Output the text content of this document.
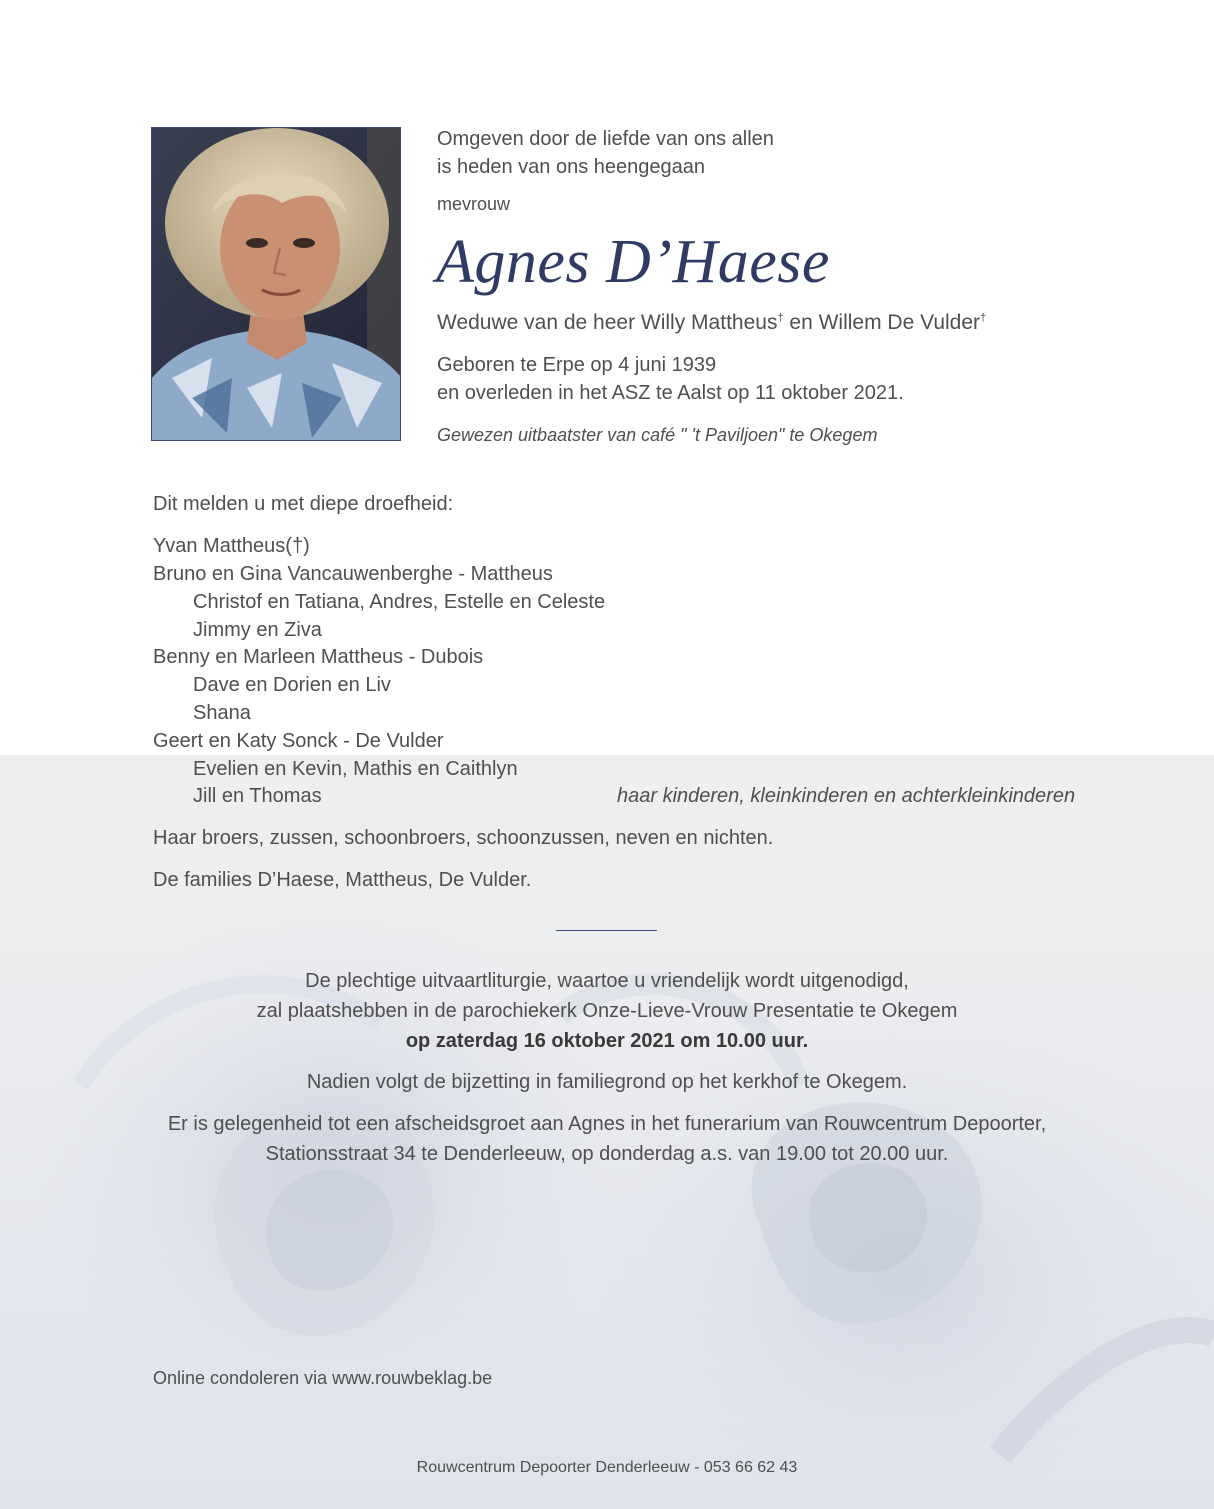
Omgeven door de liefde van ons allen
is heden van ons heengegaan
mevrouw
Agnes D’Haese
Weduwe van de heer Willy Mattheus† en Willem De Vulder†
Geboren te Erpe op 4 juni 1939
en overleden in het ASZ te Aalst op 11 oktober 2021.
Gewezen uitbaatster van café " 't Paviljoen" te Okegem
Dit melden u met diepe droefheid:
Yvan Mattheus(†)
Bruno en Gina Vancauwenberghe - Mattheus
Christof en Tatiana, Andres, Estelle en Celeste
Jimmy en Ziva
Benny en Marleen Mattheus - Dubois
Dave en Dorien en Liv
Shana
Geert en Katy Sonck - De Vulder
Evelien en Kevin, Mathis en Caithlyn
Jill en Thomas	haar kinderen, kleinkinderen en achterkleinkinderen
Haar broers, zussen, schoonbroers, schoonzussen, neven en nichten.
De families D’Haese, Mattheus, De Vulder.
De plechtige uitvaartliturgie, waartoe u vriendelijk wordt uitgenodigd,
zal plaatshebben in de parochiekerk Onze-Lieve-Vrouw Presentatie te Okegem
op zaterdag 16 oktober 2021 om 10.00 uur.
Nadien volgt de bijzetting in familiegrond op het kerkhof te Okegem.
Er is gelegenheid tot een afscheidsgroet aan Agnes in het funerarium van Rouwcentrum Depoorter,
Stationsstraat 34 te Denderleeuw, op donderdag a.s. van 19.00 tot 20.00 uur.
Online condoleren via www.rouwbeklag.be
Rouwcentrum Depoorter Denderleeuw - 053 66 62 43
